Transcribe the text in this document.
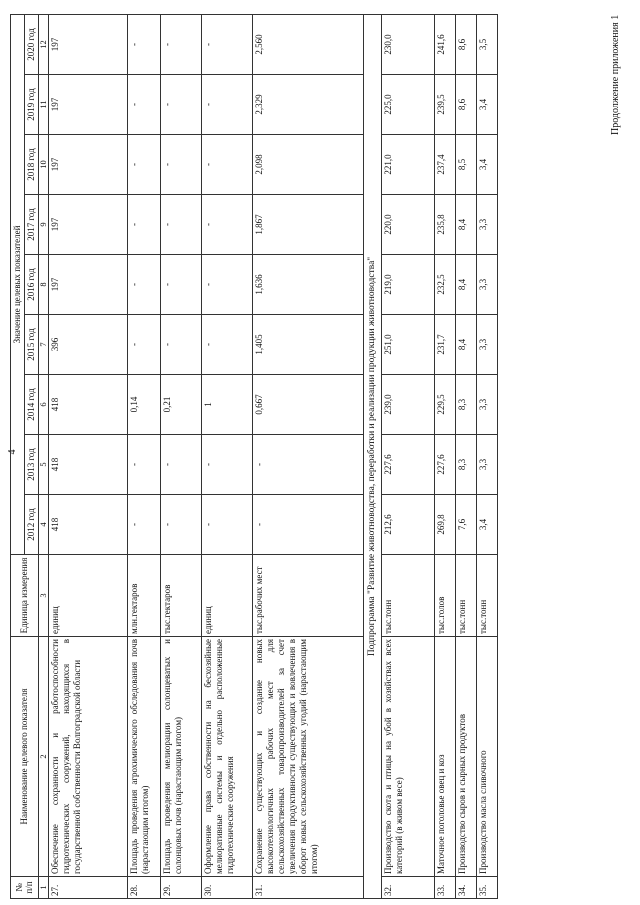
4
Продолжение приложения 1
№ п/п	Наименование целевого показателя	Единица измерения	Значение целевых показателей								
			2012 год	2013 год	2014 год	2015 год	2016 год	2017 год	2018 год	2019 год	2020 год
1	2	3	4	5	6	7	8	9	10	11	12
27.	Обеспечение сохранности и работоспособности гидротехнических сооружений, находящихся в государственной собственности Волгоградской области	единиц	418	418	418	396	197	197	197	197	197
28.	Площадь проведения агрохимического обследования почв (нарастающим итогом)	млн.гектаров	-	-	0,14	-	-	-	-	-	-
29.	Площадь проведения мелиорации солонцеватых и солонцовых почв (нарастающим итогом)	тыс.гектаров	-	-	0,21	-	-	-	-	-	-
30.	Оформление права собственности на бесхозяйные мелиоративные системы и отдельно расположенные гидротехнические сооружения	единиц	-	-	1	-	-	-	-	-	-
31.	Сохранение существующих и создание новых высокотехнологичных рабочих мест для сельскохозяйственных товаропроизводителей за счет увеличения продуктивности существующих и вовлечения в оборот новых сельскохозяйственных угодий (нарастающим итогом)	тыс.рабочих мест	-	-	0,667	1,405	1,636	1,867	2,098	2,329	2,560
Подпрограмма "Развитие животноводства, переработки и реализации продукции животноводства"											
32.	Производство скота и птицы на убой в хозяйствах всех категорий (в живом весе)	тыс.тонн	212,6	227,6	239,0	251,0	219,0	220,0	221,0	225,0	230,0
33.	Маточное поголовье овец и коз	тыс.голов	269,8	227,6	229,5	231,7	232,5	235,8	237,4	239,5	241,6
34.	Производство сыров и сырных продуктов	тыс.тонн	7,6	8,3	8,3	8,4	8,4	8,4	8,5	8,6	8,6
35.	Производство масла сливочного	тыс.тонн	3,4	3,3	3,3	3,3	3,3	3,3	3,4	3,4	3,5
